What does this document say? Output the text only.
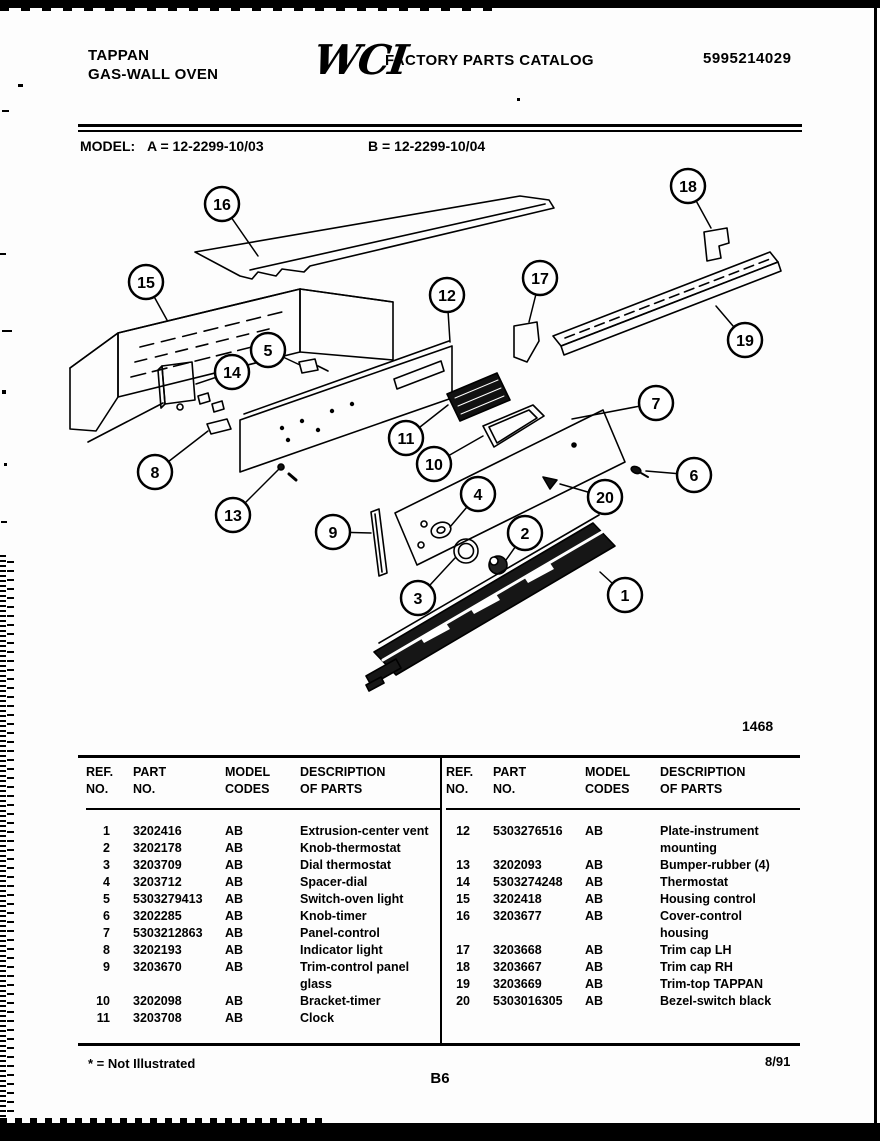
TAPPAN
GAS-WALL OVEN WCI
FACTORY PARTS CATALOG	5995214029
MODEL: A = 12-2299-10/03	B = 12-2299-10/04
1
2
3
4
5
6
7
8
9
10
11
12
13
14
15
16
17
18
19
20
1468
REF.
NO.
PART
NO.
MODEL
CODES
DESCRIPTION
OF PARTS
1	3202416	AB	Extrusion-center vent
2	3202178	AB	Knob-thermostat
3	3203709	AB	Dial thermostat
4	3203712	AB	Spacer-dial
5	5303279413	AB	Switch-oven light
6	3202285	AB	Knob-timer
7	5303212863	AB	Panel-control
8	3202193	AB	Indicator light
9	3203670	AB	Trim-control panel
glass
10	3202098	AB	Bracket-timer
11	3203708	AB	Clock
REF.
NO.
PART
NO.
MODEL
CODES
DESCRIPTION
OF PARTS
12	5303276516	AB	Plate-instrument
mounting
13	3202093	AB	Bumper-rubber (4)
14	5303274248	AB	Thermostat
15	3202418	AB	Housing control
16	3203677	AB	Cover-control
housing
17	3203668	AB	Trim cap LH
18	3203667	AB	Trim cap RH
19	3203669	AB	Trim-top TAPPAN
20	5303016305	AB	Bezel-switch black
* = Not Illustrated
B6
8/91
